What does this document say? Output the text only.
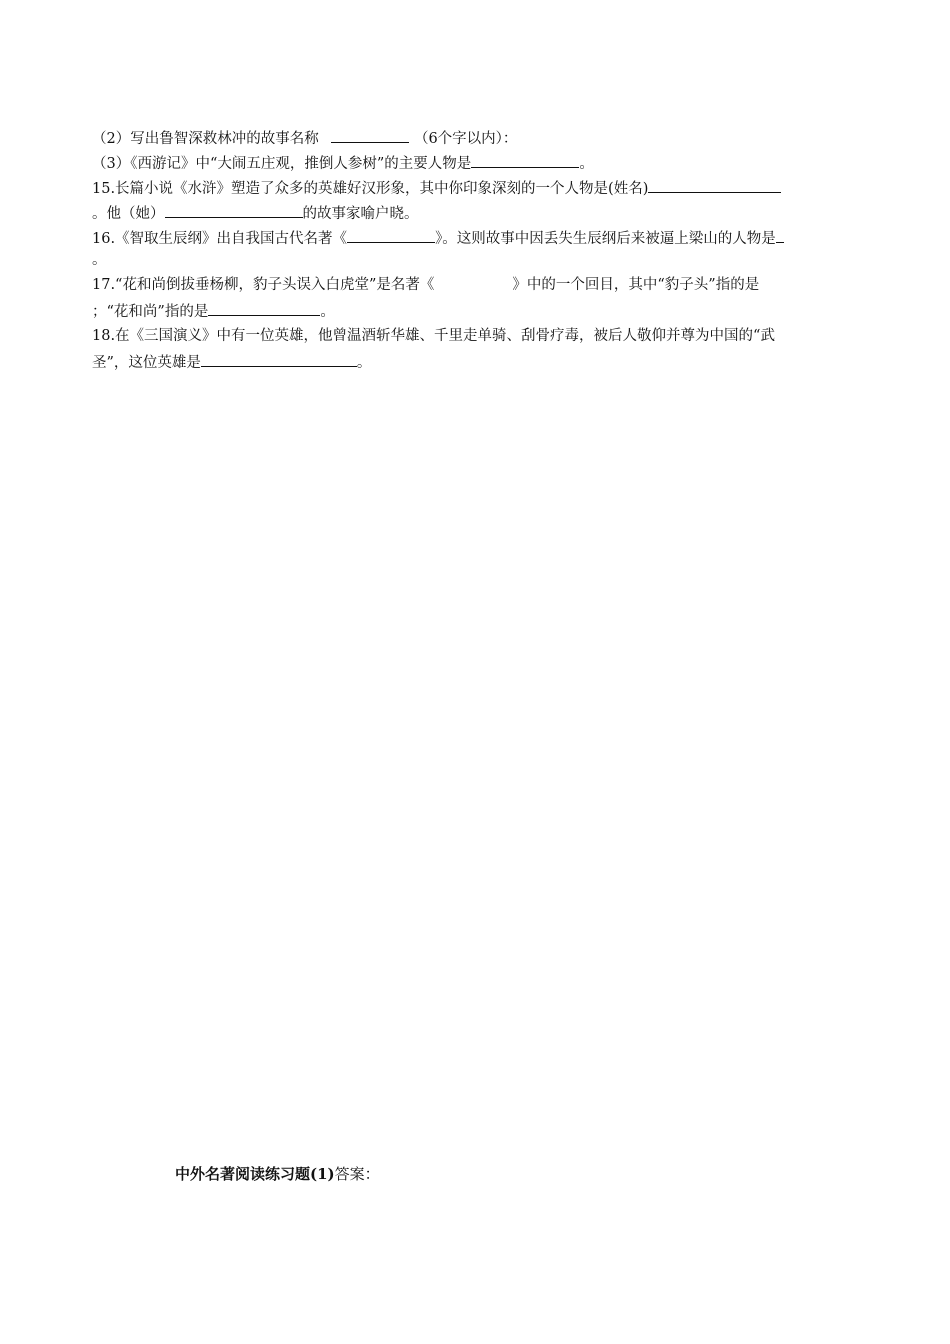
（2）写出鲁智深救林冲的故事名称	（6个字以内）：
（3）《西游记》中“大闹五庄观，推倒人参树”的主要人物是	。
15.长篇小说《水浒》塑造了众多的英雄好汉形象，其中你印象深刻的一个人物是(姓名)
。他（她）	的故事家喻户晓。
16.《智取生辰纲》出自我国古代名著《	》。这则故事中因丢失生辰纲后来被逼上梁山的人物是
。
17.“花和尚倒拔垂杨柳，豹子头误入白虎堂”是名著《	》中的一个回目，其中“豹子头”指的是
；“花和尚”指的是	。
18.在《三国演义》中有一位英雄，他曾温酒斩华雄、千里走单骑、刮骨疗毒，被后人敬仰并尊为中国的“武
圣”，这位英雄是	。
中外名著阅读练习题(1)答案：
